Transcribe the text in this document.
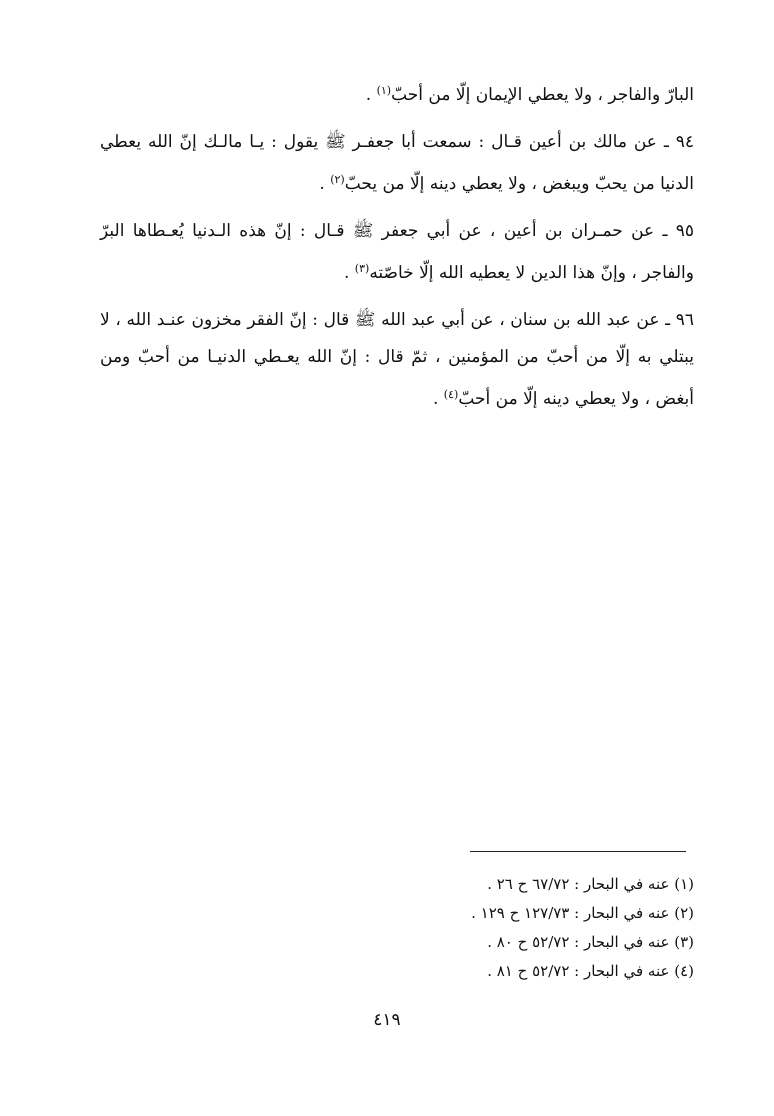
البارّ والفاجر ، ولا يعطي الإيمان إلّا من أحبّ$^{(١)}$ .

٩٤ ـ عن مالك بن أعين قـال : سمعت أبا جعفـر ﷺ يقول : يـا مالـك إنّ الله يعطي الدنيا من يحبّ ويبغض ، ولا يعطي دينه إلّا من يحبّ$^{(٢)}$ .

٩٥ ـ عن حمـران بن أعين ، عن أبي جعفر ﷺ قـال : إنّ هذه الـدنيا يُعـطاها البرّ والفاجر ، وإنّ هذا الدين لا يعطيه الله إلّا خاصّته$^{(٣)}$ .

٩٦ ـ عن عبد الله بن سنان ، عن أبي عبد الله ﷺ قال : إنّ الفقر مخزون عنـد الله ، لا يبتلي به إلّا من أحبّ من المؤمنين ، ثمّ قال : إنّ الله يعـطي الدنيـا من أحبّ ومن أبغض ، ولا يعطي دينه إلّا من أحبّ$^{(٤)}$ .

(١) عنه في البحار : ٦٧/٧٢ ح ٢٦ .

(٢) عنه في البحار : ١٢٧/٧٣ ح ١٢٩ .

(٣) عنه في البحار : ٥٢/٧٢ ح ٨٠ .

(٤) عنه في البحار : ٥٢/٧٢ ح ٨١ .

٤١٩
